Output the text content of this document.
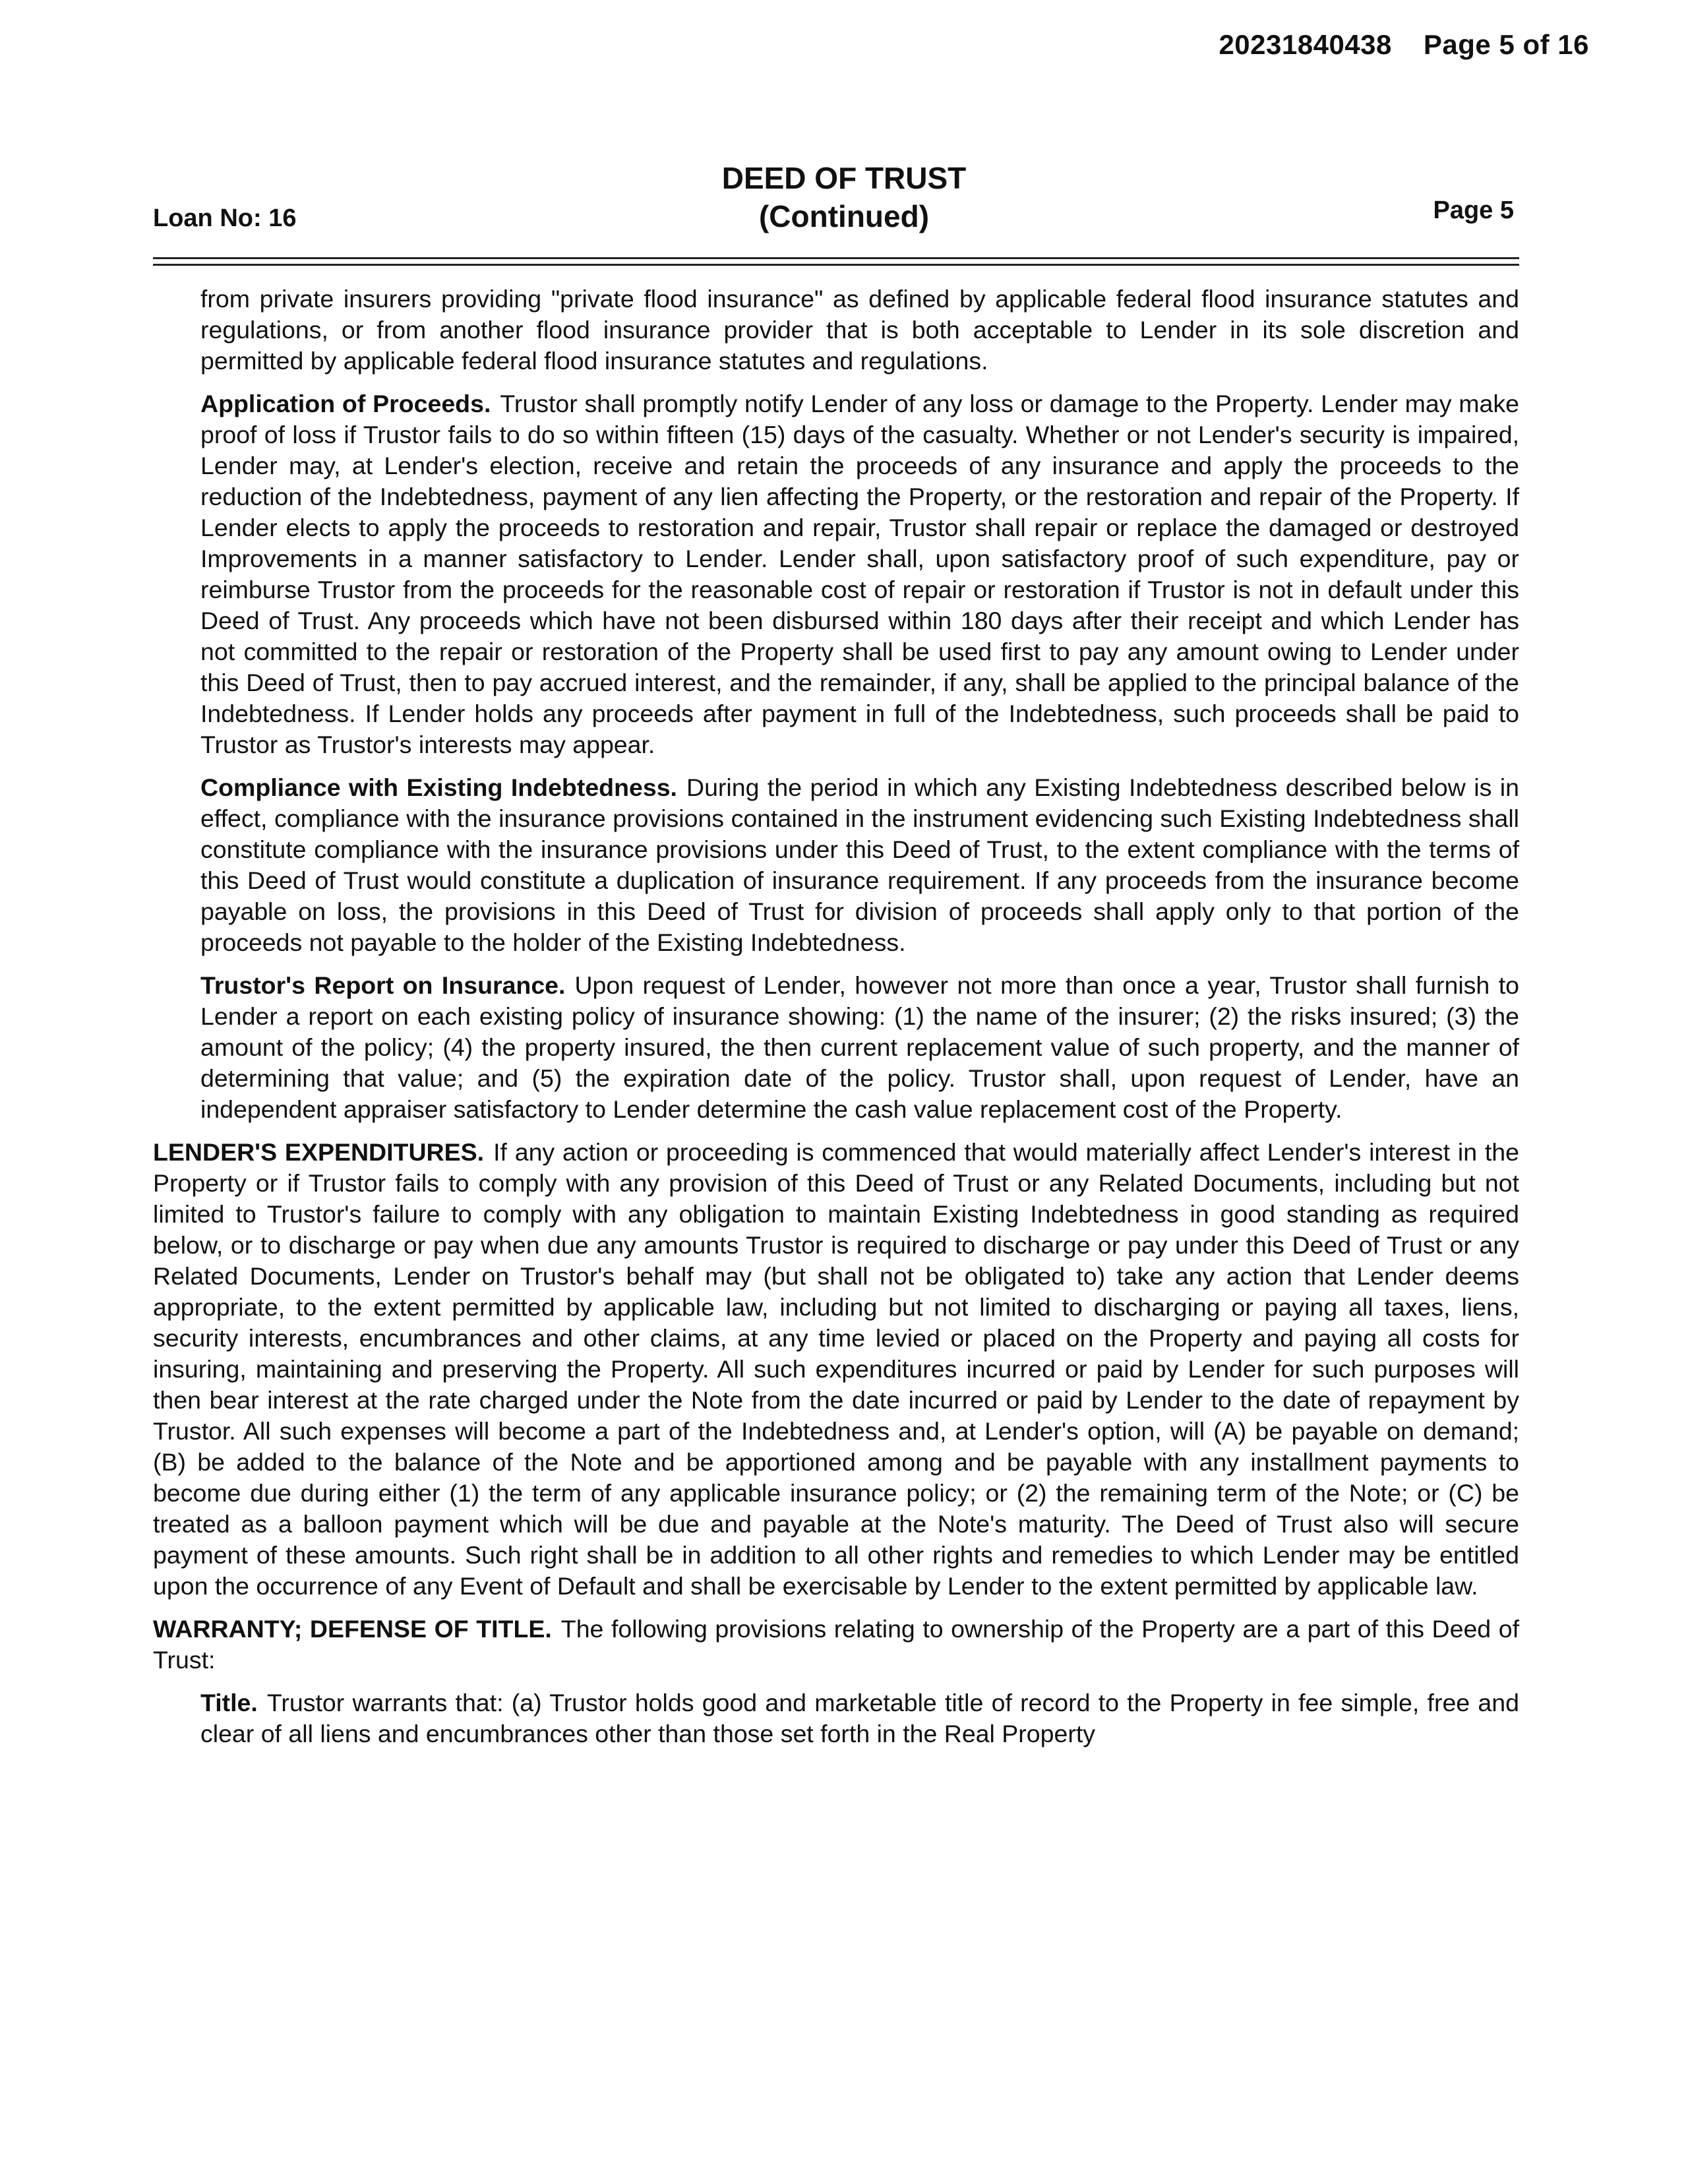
20231840438 Page 5 of 16
DEED OF TRUST
(Continued)
Loan No: 16	Page 5

from private insurers providing "private flood insurance" as defined by applicable federal flood insurance statutes and regulations, or from another flood insurance provider that is both acceptable to Lender in its sole discretion and permitted by applicable federal flood insurance statutes and regulations.

Application of Proceeds. Trustor shall promptly notify Lender of any loss or damage to the Property. Lender may make proof of loss if Trustor fails to do so within fifteen (15) days of the casualty. Whether or not Lender's security is impaired, Lender may, at Lender's election, receive and retain the proceeds of any insurance and apply the proceeds to the reduction of the Indebtedness, payment of any lien affecting the Property, or the restoration and repair of the Property. If Lender elects to apply the proceeds to restoration and repair, Trustor shall repair or replace the damaged or destroyed Improvements in a manner satisfactory to Lender. Lender shall, upon satisfactory proof of such expenditure, pay or reimburse Trustor from the proceeds for the reasonable cost of repair or restoration if Trustor is not in default under this Deed of Trust. Any proceeds which have not been disbursed within 180 days after their receipt and which Lender has not committed to the repair or restoration of the Property shall be used first to pay any amount owing to Lender under this Deed of Trust, then to pay accrued interest, and the remainder, if any, shall be applied to the principal balance of the Indebtedness. If Lender holds any proceeds after payment in full of the Indebtedness, such proceeds shall be paid to Trustor as Trustor's interests may appear.

Compliance with Existing Indebtedness. During the period in which any Existing Indebtedness described below is in effect, compliance with the insurance provisions contained in the instrument evidencing such Existing Indebtedness shall constitute compliance with the insurance provisions under this Deed of Trust, to the extent compliance with the terms of this Deed of Trust would constitute a duplication of insurance requirement. If any proceeds from the insurance become payable on loss, the provisions in this Deed of Trust for division of proceeds shall apply only to that portion of the proceeds not payable to the holder of the Existing Indebtedness.

Trustor's Report on Insurance. Upon request of Lender, however not more than once a year, Trustor shall furnish to Lender a report on each existing policy of insurance showing: (1) the name of the insurer; (2) the risks insured; (3) the amount of the policy; (4) the property insured, the then current replacement value of such property, and the manner of determining that value; and (5) the expiration date of the policy. Trustor shall, upon request of Lender, have an independent appraiser satisfactory to Lender determine the cash value replacement cost of the Property.

LENDER'S EXPENDITURES. If any action or proceeding is commenced that would materially affect Lender's interest in the Property or if Trustor fails to comply with any provision of this Deed of Trust or any Related Documents, including but not limited to Trustor's failure to comply with any obligation to maintain Existing Indebtedness in good standing as required below, or to discharge or pay when due any amounts Trustor is required to discharge or pay under this Deed of Trust or any Related Documents, Lender on Trustor's behalf may (but shall not be obligated to) take any action that Lender deems appropriate, to the extent permitted by applicable law, including but not limited to discharging or paying all taxes, liens, security interests, encumbrances and other claims, at any time levied or placed on the Property and paying all costs for insuring, maintaining and preserving the Property. All such expenditures incurred or paid by Lender for such purposes will then bear interest at the rate charged under the Note from the date incurred or paid by Lender to the date of repayment by Trustor. All such expenses will become a part of the Indebtedness and, at Lender's option, will (A) be payable on demand; (B) be added to the balance of the Note and be apportioned among and be payable with any installment payments to become due during either (1) the term of any applicable insurance policy; or (2) the remaining term of the Note; or (C) be treated as a balloon payment which will be due and payable at the Note's maturity. The Deed of Trust also will secure payment of these amounts. Such right shall be in addition to all other rights and remedies to which Lender may be entitled upon the occurrence of any Event of Default and shall be exercisable by Lender to the extent permitted by applicable law.

WARRANTY; DEFENSE OF TITLE. The following provisions relating to ownership of the Property are a part of this Deed of Trust:

Title. Trustor warrants that: (a) Trustor holds good and marketable title of record to the Property in fee simple, free and clear of all liens and encumbrances other than those set forth in the Real Property
